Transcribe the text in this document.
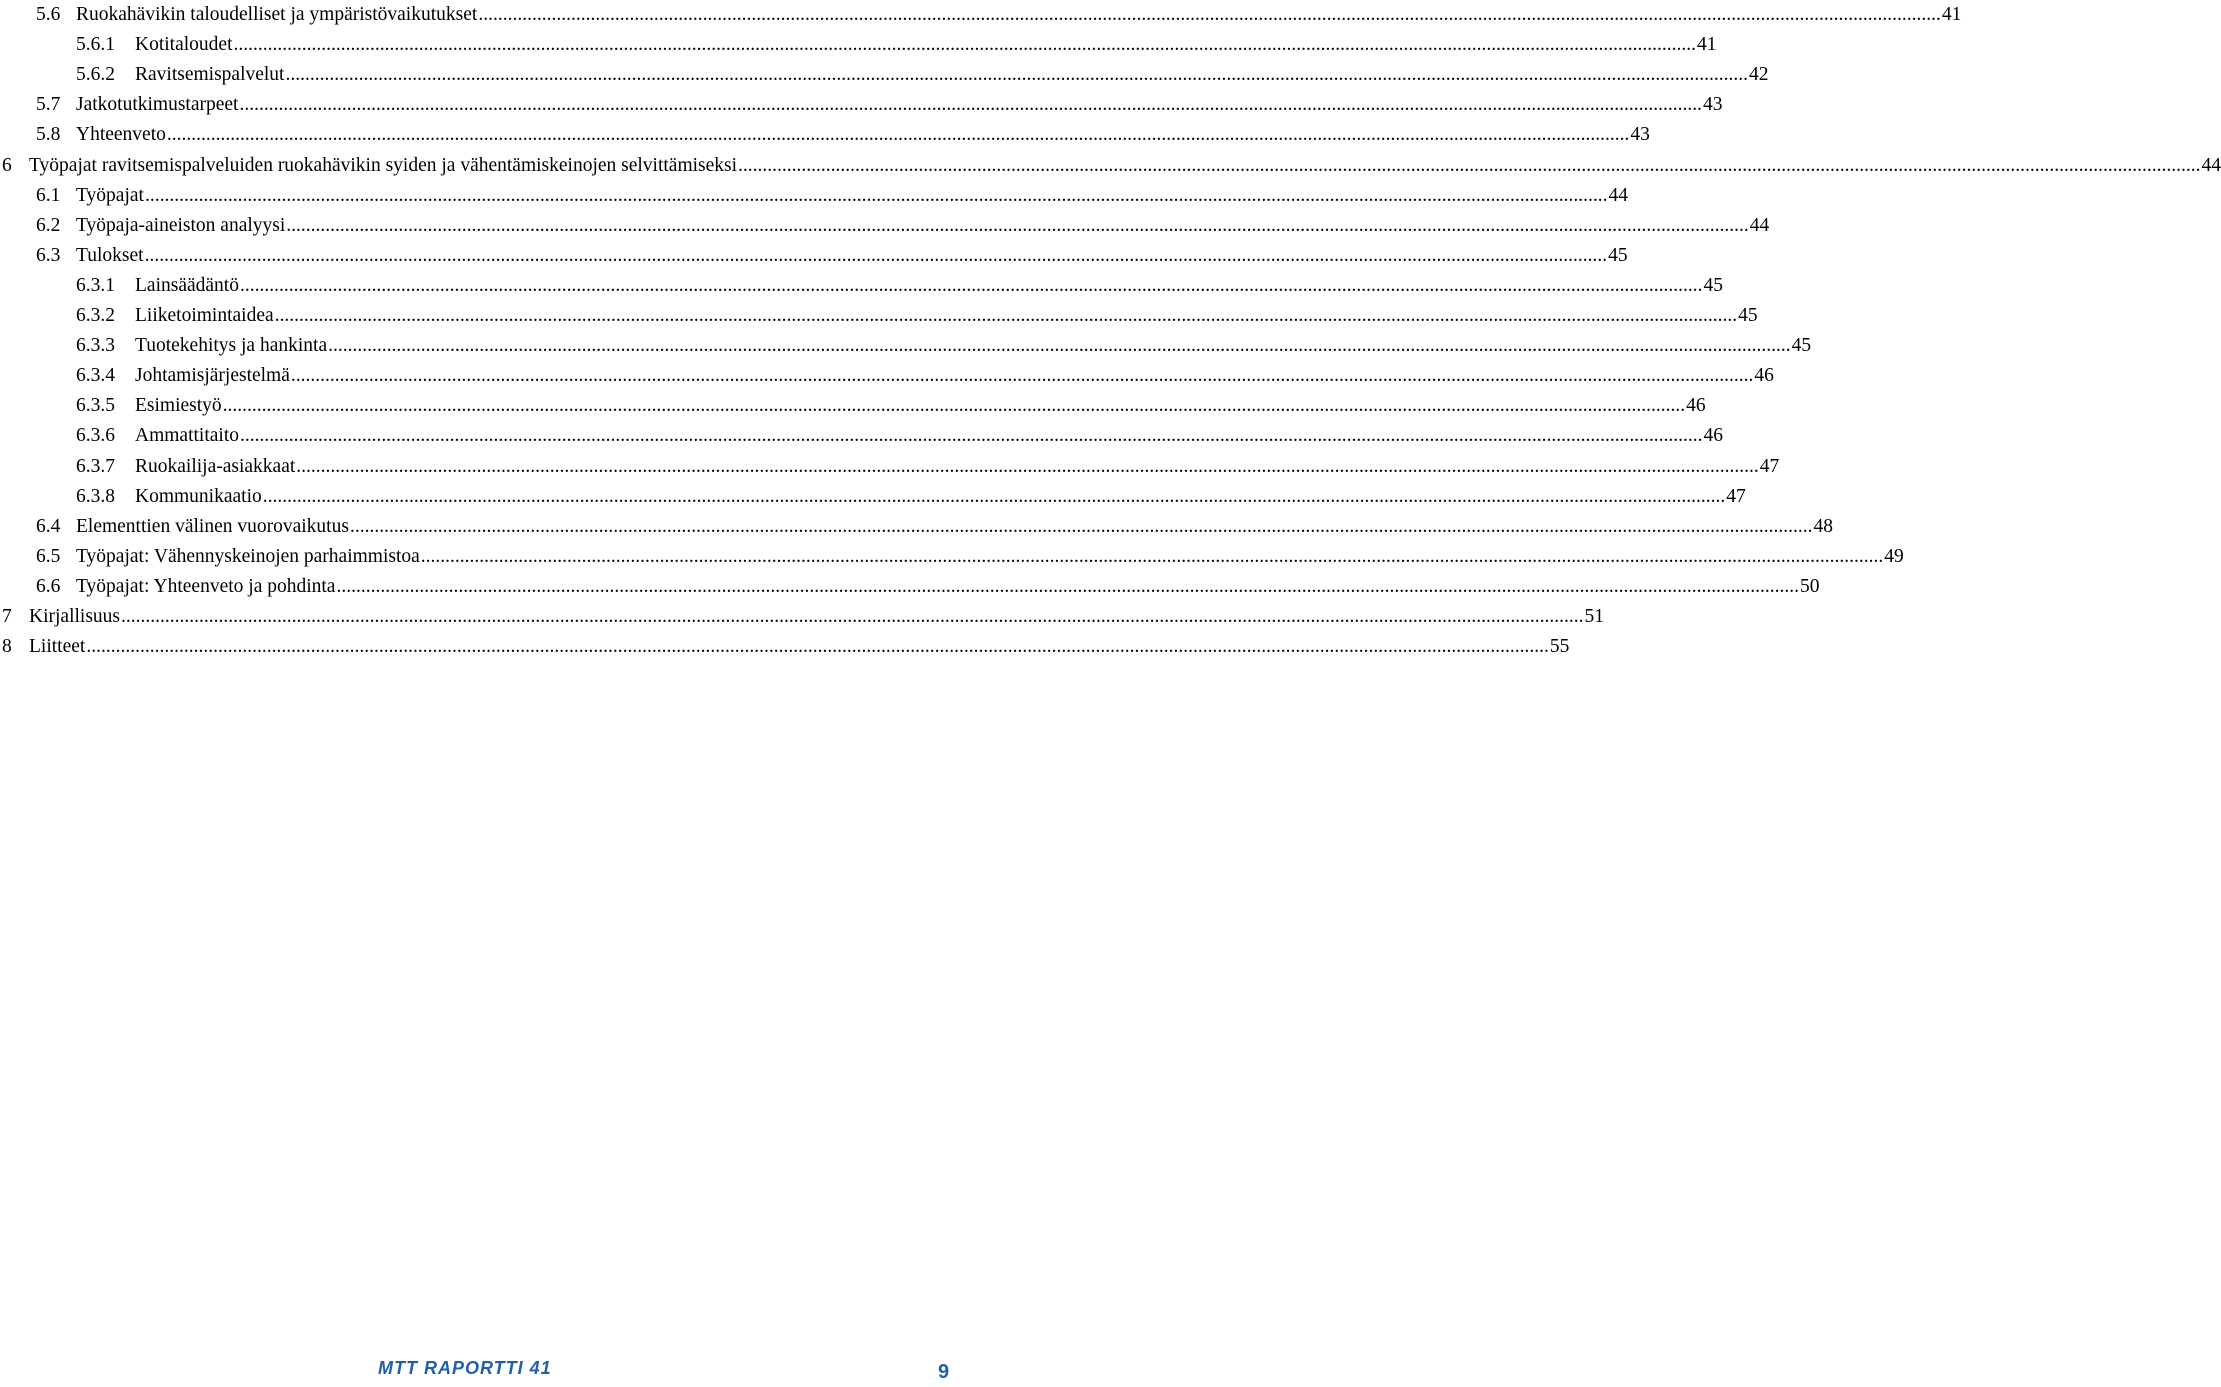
5.6 Ruokahävikin taloudelliset ja ympäristövaikutukset ............................................................................................................................................................................................................................................................................................................ 41
5.6.1	Kotitaloudet ............................................................................................................................................................................................................................................................................................................ 41
5.6.2	Ravitsemispalvelut ............................................................................................................................................................................................................................................................................................................ 42
5.7 Jatkotutkimustarpeet ............................................................................................................................................................................................................................................................................................................ 43
5.8 Yhteenveto ............................................................................................................................................................................................................................................................................................................ 43
6 Työpajat ravitsemispalveluiden ruokahävikin syiden ja vähentämiskeinojen selvittämiseksi ............................................................................................................................................................................................................................................................................................................ 44
6.1 Työpajat ............................................................................................................................................................................................................................................................................................................ 44
6.2 Työpaja-aineiston analyysi ............................................................................................................................................................................................................................................................................................................ 44
6.3 Tulokset ............................................................................................................................................................................................................................................................................................................ 45
6.3.1	Lainsäädäntö ............................................................................................................................................................................................................................................................................................................ 45
6.3.2	Liiketoimintaidea ............................................................................................................................................................................................................................................................................................................ 45
6.3.3	Tuotekehitys ja hankinta ............................................................................................................................................................................................................................................................................................................ 45
6.3.4	Johtamisjärjestelmä ............................................................................................................................................................................................................................................................................................................ 46
6.3.5	Esimiestyö ............................................................................................................................................................................................................................................................................................................ 46
6.3.6	Ammattitaito ............................................................................................................................................................................................................................................................................................................ 46
6.3.7	Ruokailija-asiakkaat ............................................................................................................................................................................................................................................................................................................ 47
6.3.8	Kommunikaatio ............................................................................................................................................................................................................................................................................................................ 47
6.4 Elementtien välinen vuorovaikutus ............................................................................................................................................................................................................................................................................................................ 48
6.5 Työpajat: Vähennyskeinojen parhaimmistoa ............................................................................................................................................................................................................................................................................................................ 49
6.6 Työpajat: Yhteenveto ja pohdinta ............................................................................................................................................................................................................................................................................................................ 50
7 Kirjallisuus ............................................................................................................................................................................................................................................................................................................ 51
8 Liitteet ............................................................................................................................................................................................................................................................................................................ 55
MTT RAPORTTI 41	9
